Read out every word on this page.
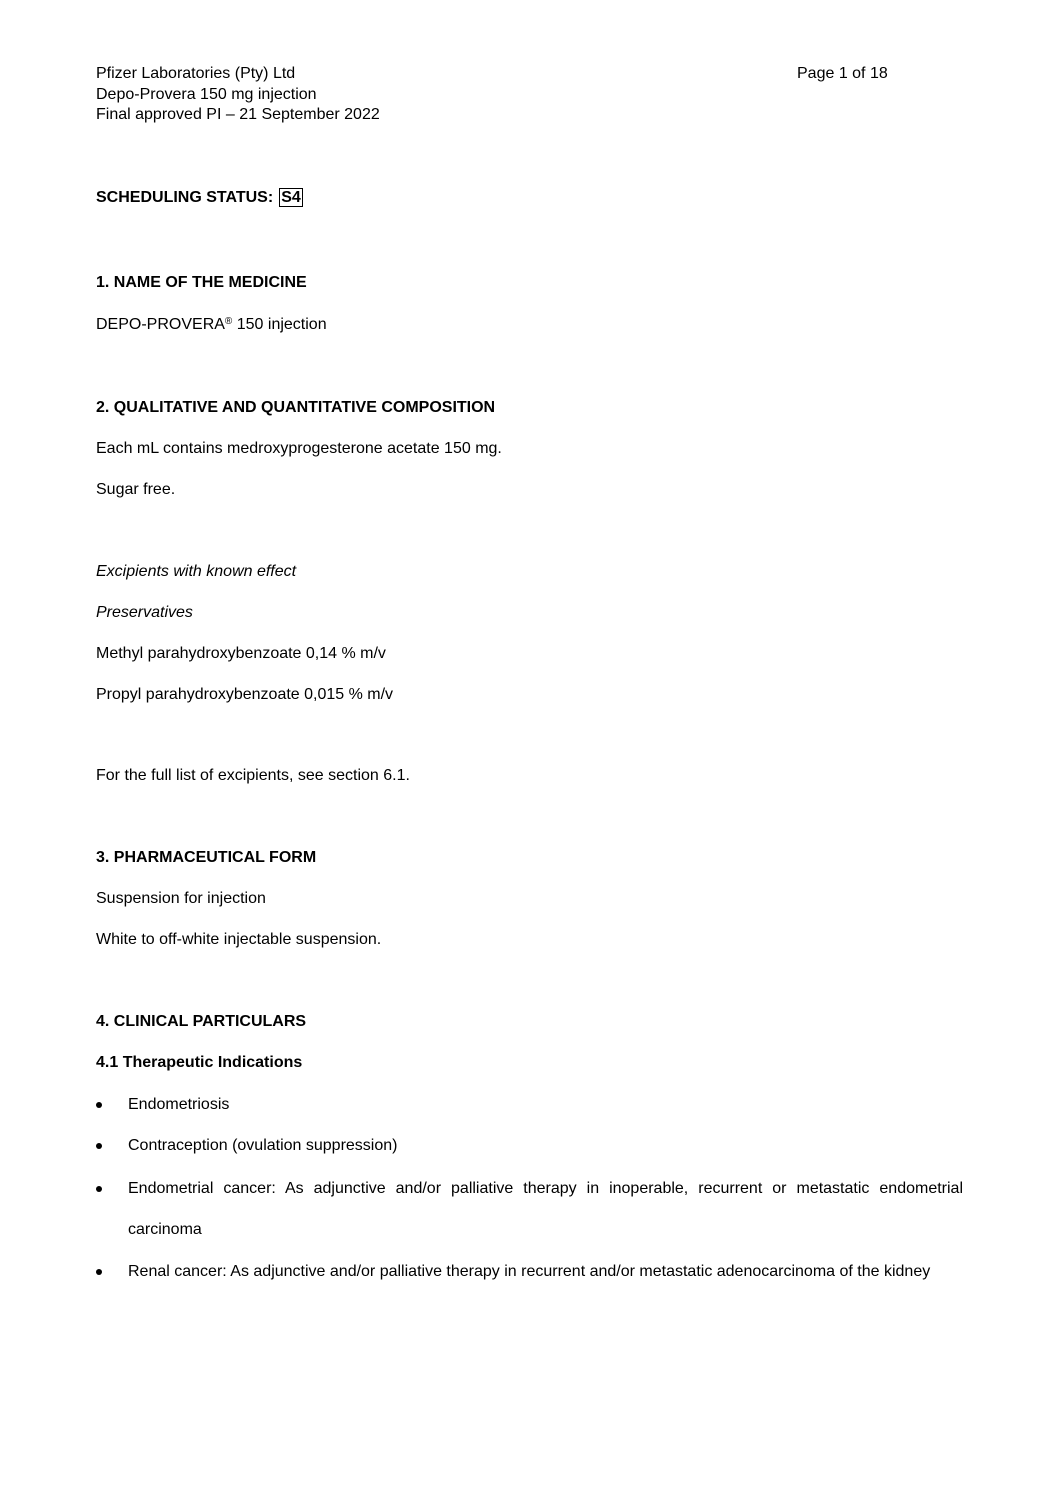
Pfizer Laboratories (Pty) Ltd
Depo-Provera 150 mg injection
Final approved PI – 21 September 2022
Page 1 of 18
SCHEDULING STATUS: S4
1. NAME OF THE MEDICINE
DEPO-PROVERA® 150 injection
2. QUALITATIVE AND QUANTITATIVE COMPOSITION
Each mL contains medroxyprogesterone acetate 150 mg.
Sugar free.
Excipients with known effect
Preservatives
Methyl parahydroxybenzoate 0,14 % m/v
Propyl parahydroxybenzoate 0,015 % m/v
For the full list of excipients, see section 6.1.
3. PHARMACEUTICAL FORM
Suspension for injection
White to off-white injectable suspension.
4. CLINICAL PARTICULARS
4.1 Therapeutic Indications
Endometriosis
Contraception (ovulation suppression)
Endometrial cancer: As adjunctive and/or palliative therapy in inoperable, recurrent or metastatic endometrial carcinoma
Renal cancer: As adjunctive and/or palliative therapy in recurrent and/or metastatic adenocarcinoma of the kidney
